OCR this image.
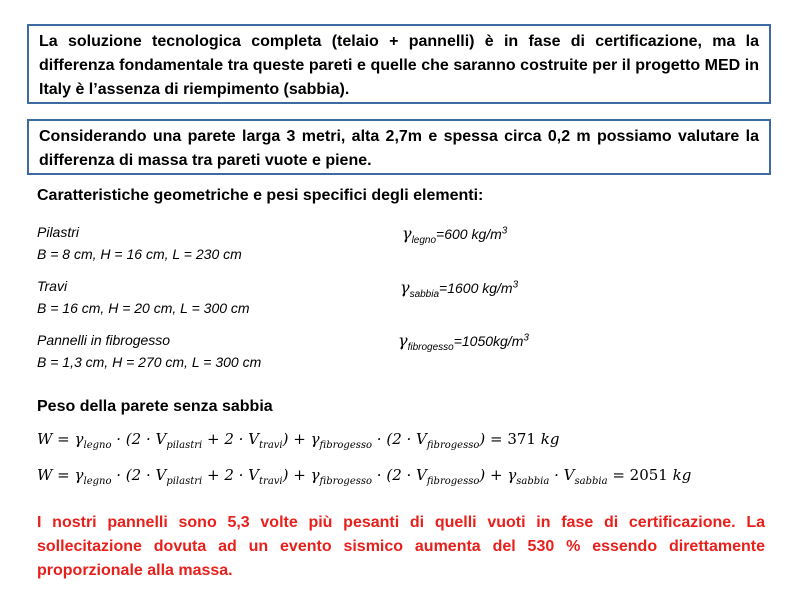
La soluzione tecnologica completa (telaio + pannelli) è in fase di certificazione, ma la differenza fondamentale tra queste pareti e quelle che saranno costruite per il progetto MED in Italy è l’assenza di riempimento (sabbia).
Considerando una parete larga 3 metri, alta 2,7m e spessa circa 0,2 m possiamo valutare la differenza di massa tra pareti vuote e piene.
Caratteristiche geometriche e pesi specifici degli elementi:
Pilastri
B = 8 cm, H = 16 cm, L = 230 cm
Travi
B = 16 cm, H = 20 cm, L = 300 cm
Pannelli in fibrogesso
B = 1,3 cm, H = 270 cm, L = 300 cm
$\gamma_{legno}=600$ $kg/m^3$
$\gamma_{sabbia}=1600$ $kg/m^3$
$\gamma_{fibrogesso}=1050kg/m^3$
Peso della parete senza sabbia
$W = \gamma_{legno} \cdot (2 \cdot V_{pilastri} + 2 \cdot V_{travi}) + \gamma_{fibrogesso} \cdot (2 \cdot V_{fibrogesso}) = 371$ kg
$W = \gamma_{legno} \cdot (2 \cdot V_{pilastri} + 2 \cdot V_{travi}) + \gamma_{fibrogesso} \cdot (2 \cdot V_{fibrogesso}) + \gamma_{sabbia} \cdot V_{sabbia} = 2051$ kg
I nostri pannelli sono 5,3 volte più pesanti di quelli vuoti in fase di certificazione. La sollecitazione dovuta ad un evento sismico aumenta del 530 % essendo direttamente proporzionale alla massa.
